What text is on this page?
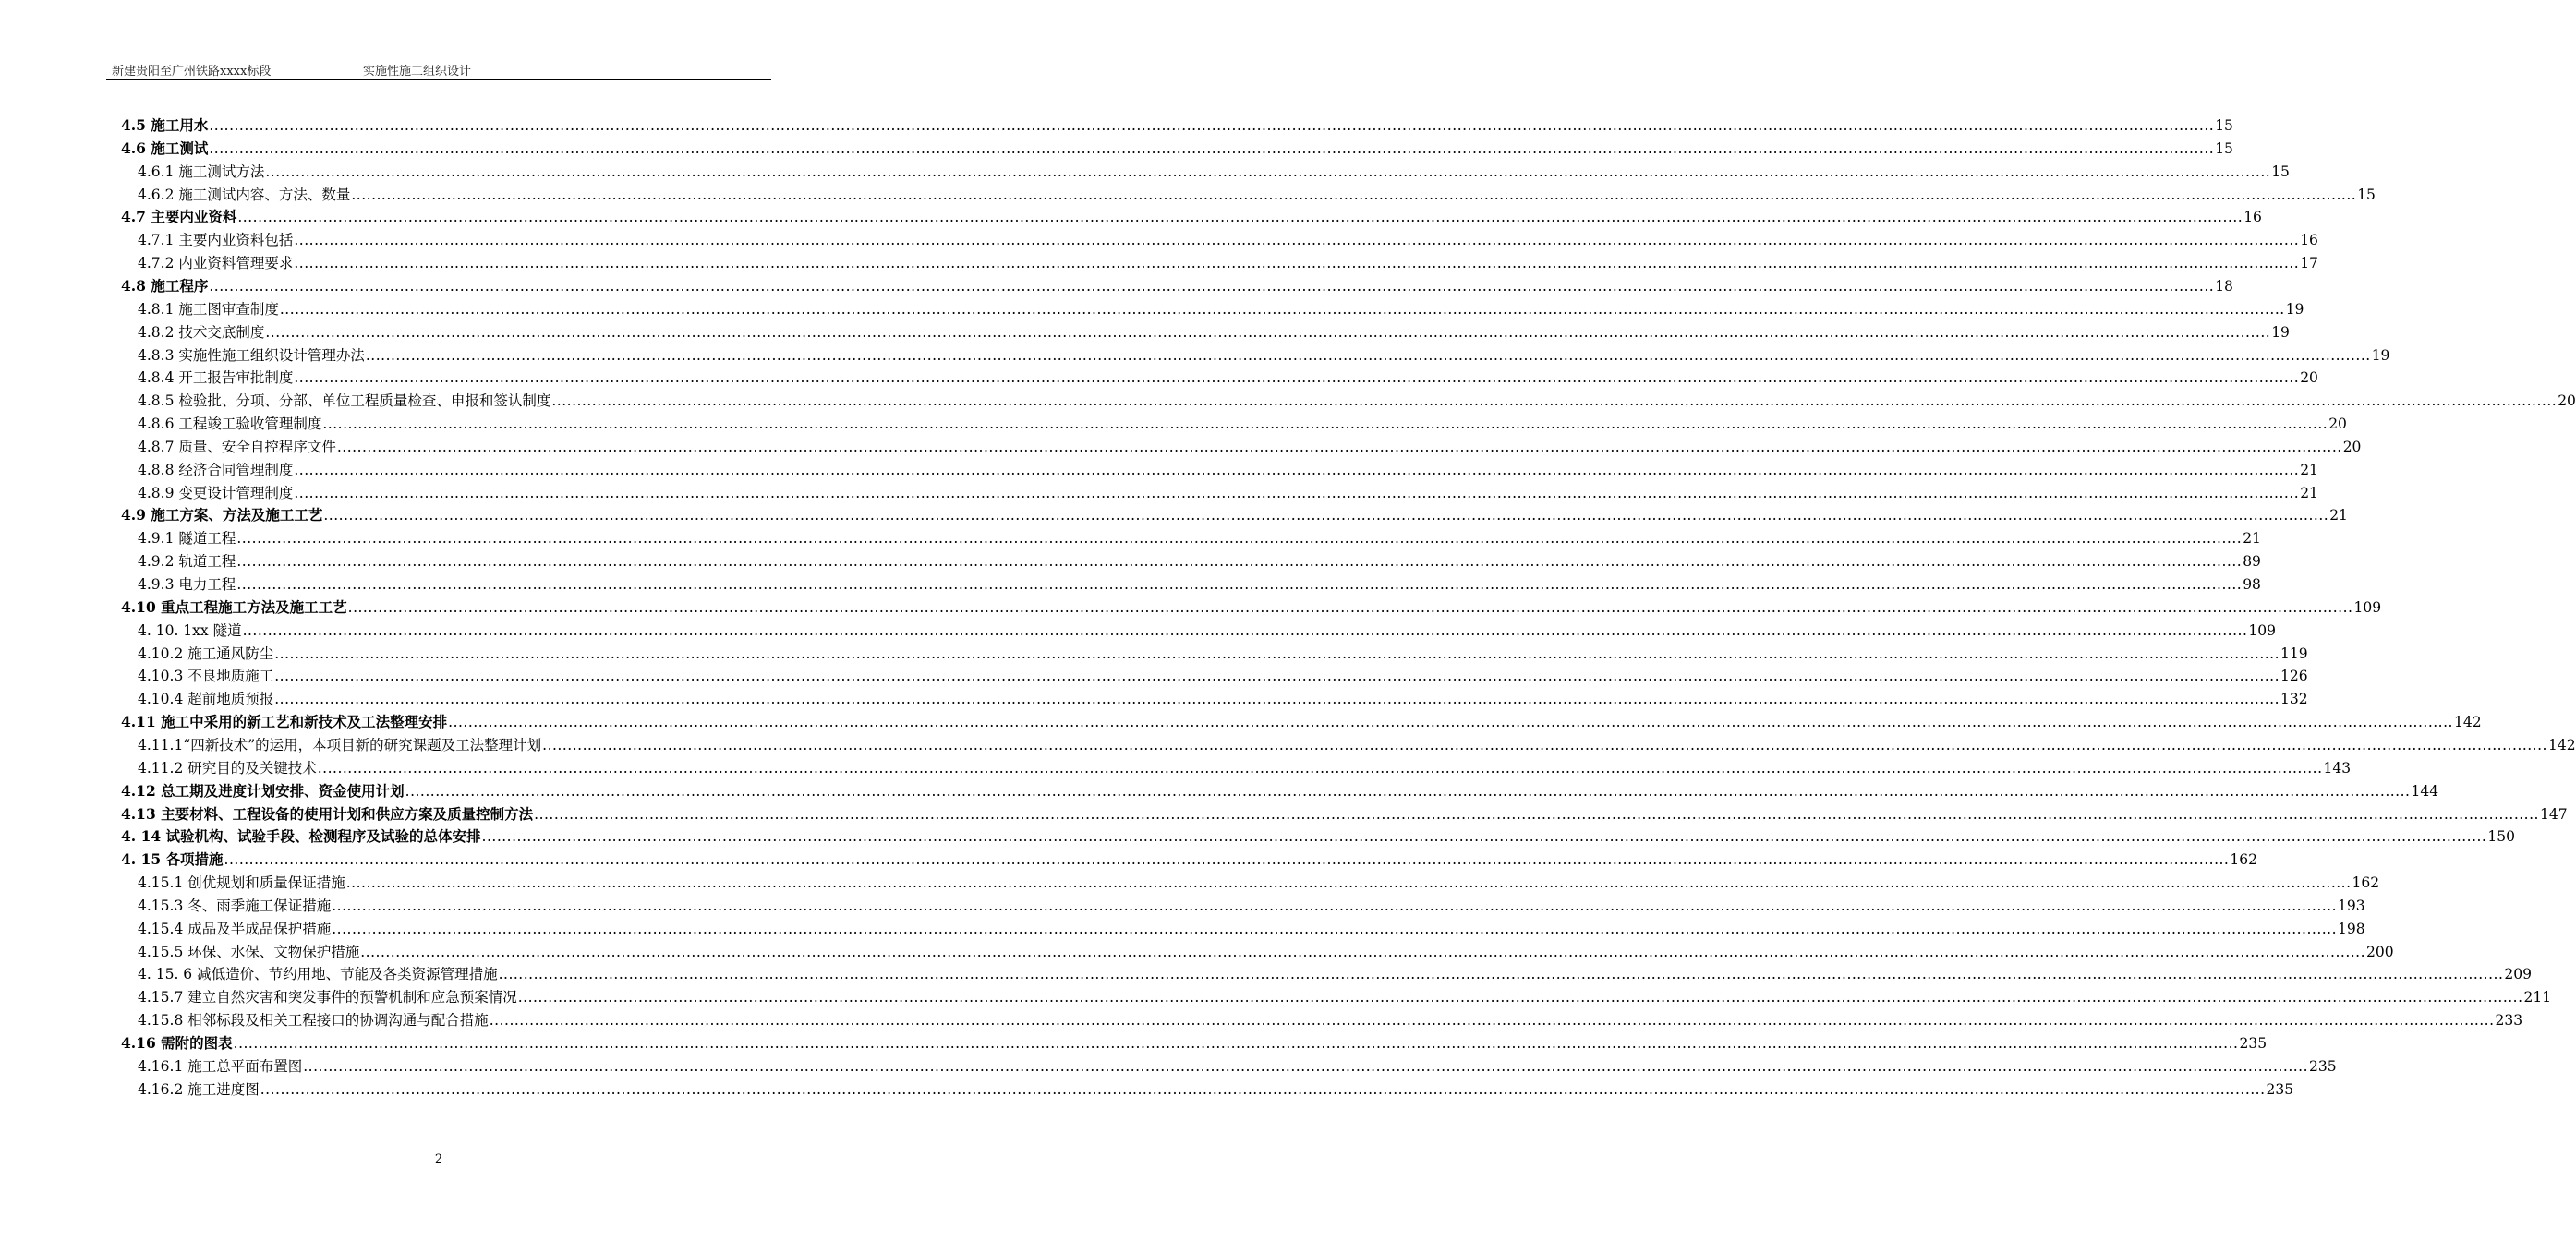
新建贵阳至广州铁路xxxx标段	实施性施工组织设计
4.5 施工用水 ................................................................................................................................................................................................................................................................................................................................................................................................................ 15
4.6 施工测试 ................................................................................................................................................................................................................................................................................................................................................................................................................ 15
4.6.1 施工测试方法 ................................................................................................................................................................................................................................................................................................................................................................................................................ 15
4.6.2 施工测试内容、方法、数量 ................................................................................................................................................................................................................................................................................................................................................................................................................ 15
4.7 主要内业资料 ................................................................................................................................................................................................................................................................................................................................................................................................................ 16
4.7.1 主要内业资料包括 ................................................................................................................................................................................................................................................................................................................................................................................................................ 16
4.7.2 内业资料管理要求 ................................................................................................................................................................................................................................................................................................................................................................................................................ 17
4.8 施工程序 ................................................................................................................................................................................................................................................................................................................................................................................................................ 18
4.8.1 施工图审查制度 ................................................................................................................................................................................................................................................................................................................................................................................................................ 19
4.8.2 技术交底制度 ................................................................................................................................................................................................................................................................................................................................................................................................................ 19
4.8.3 实施性施工组织设计管理办法 ................................................................................................................................................................................................................................................................................................................................................................................................................ 19
4.8.4 开工报告审批制度 ................................................................................................................................................................................................................................................................................................................................................................................................................ 20
4.8.5 检验批、分项、分部、单位工程质量检查、申报和签认制度 ................................................................................................................................................................................................................................................................................................................................................................................................................ 20
4.8.6 工程竣工验收管理制度 ................................................................................................................................................................................................................................................................................................................................................................................................................ 20
4.8.7 质量、安全自控程序文件 ................................................................................................................................................................................................................................................................................................................................................................................................................ 20
4.8.8 经济合同管理制度 ................................................................................................................................................................................................................................................................................................................................................................................................................ 21
4.8.9 变更设计管理制度 ................................................................................................................................................................................................................................................................................................................................................................................................................ 21
4.9 施工方案、方法及施工工艺 ................................................................................................................................................................................................................................................................................................................................................................................................................ 21
4.9.1 隧道工程 ................................................................................................................................................................................................................................................................................................................................................................................................................ 21
4.9.2 轨道工程 ................................................................................................................................................................................................................................................................................................................................................................................................................ 89
4.9.3 电力工程 ................................................................................................................................................................................................................................................................................................................................................................................................................ 98
4.10 重点工程施工方法及施工工艺 ................................................................................................................................................................................................................................................................................................................................................................................................................ 109
4. 10. 1xx 隧道 ................................................................................................................................................................................................................................................................................................................................................................................................................ 109
4.10.2 施工通风防尘 ................................................................................................................................................................................................................................................................................................................................................................................................................ 119
4.10.3 不良地质施工 ................................................................................................................................................................................................................................................................................................................................................................................................................ 126
4.10.4 超前地质预报 ................................................................................................................................................................................................................................................................................................................................................................................................................ 132
4.11 施工中采用的新工艺和新技术及工法整理安排 ................................................................................................................................................................................................................................................................................................................................................................................................................ 142
4.11.1“四新技术”的运用，本项目新的研究课题及工法整理计划 ................................................................................................................................................................................................................................................................................................................................................................................................................ 142
4.11.2 研究目的及关键技术 ................................................................................................................................................................................................................................................................................................................................................................................................................ 143
4.12 总工期及进度计划安排、资金使用计划 ................................................................................................................................................................................................................................................................................................................................................................................................................ 144
4.13 主要材料、工程设备的使用计划和供应方案及质量控制方法 ................................................................................................................................................................................................................................................................................................................................................................................................................ 147
4. 14 试验机构、试验手段、检测程序及试验的总体安排 ................................................................................................................................................................................................................................................................................................................................................................................................................ 150
4. 15 各项措施 ................................................................................................................................................................................................................................................................................................................................................................................................................ 162
4.15.1 创优规划和质量保证措施 ................................................................................................................................................................................................................................................................................................................................................................................................................ 162
4.15.3 冬、雨季施工保证措施 ................................................................................................................................................................................................................................................................................................................................................................................................................ 193
4.15.4 成品及半成品保护措施 ................................................................................................................................................................................................................................................................................................................................................................................................................ 198
4.15.5 环保、水保、文物保护措施 ................................................................................................................................................................................................................................................................................................................................................................................................................ 200
4. 15. 6 减低造价、节约用地、节能及各类资源管理措施 ................................................................................................................................................................................................................................................................................................................................................................................................................ 209
4.15.7 建立自然灾害和突发事件的预警机制和应急预案情况 ................................................................................................................................................................................................................................................................................................................................................................................................................ 211
4.15.8 相邻标段及相关工程接口的协调沟通与配合措施 ................................................................................................................................................................................................................................................................................................................................................................................................................ 233
4.16 需附的图表 ................................................................................................................................................................................................................................................................................................................................................................................................................ 235
4.16.1 施工总平面布置图 ................................................................................................................................................................................................................................................................................................................................................................................................................ 235
4.16.2 施工进度图 ................................................................................................................................................................................................................................................................................................................................................................................................................ 235
2
